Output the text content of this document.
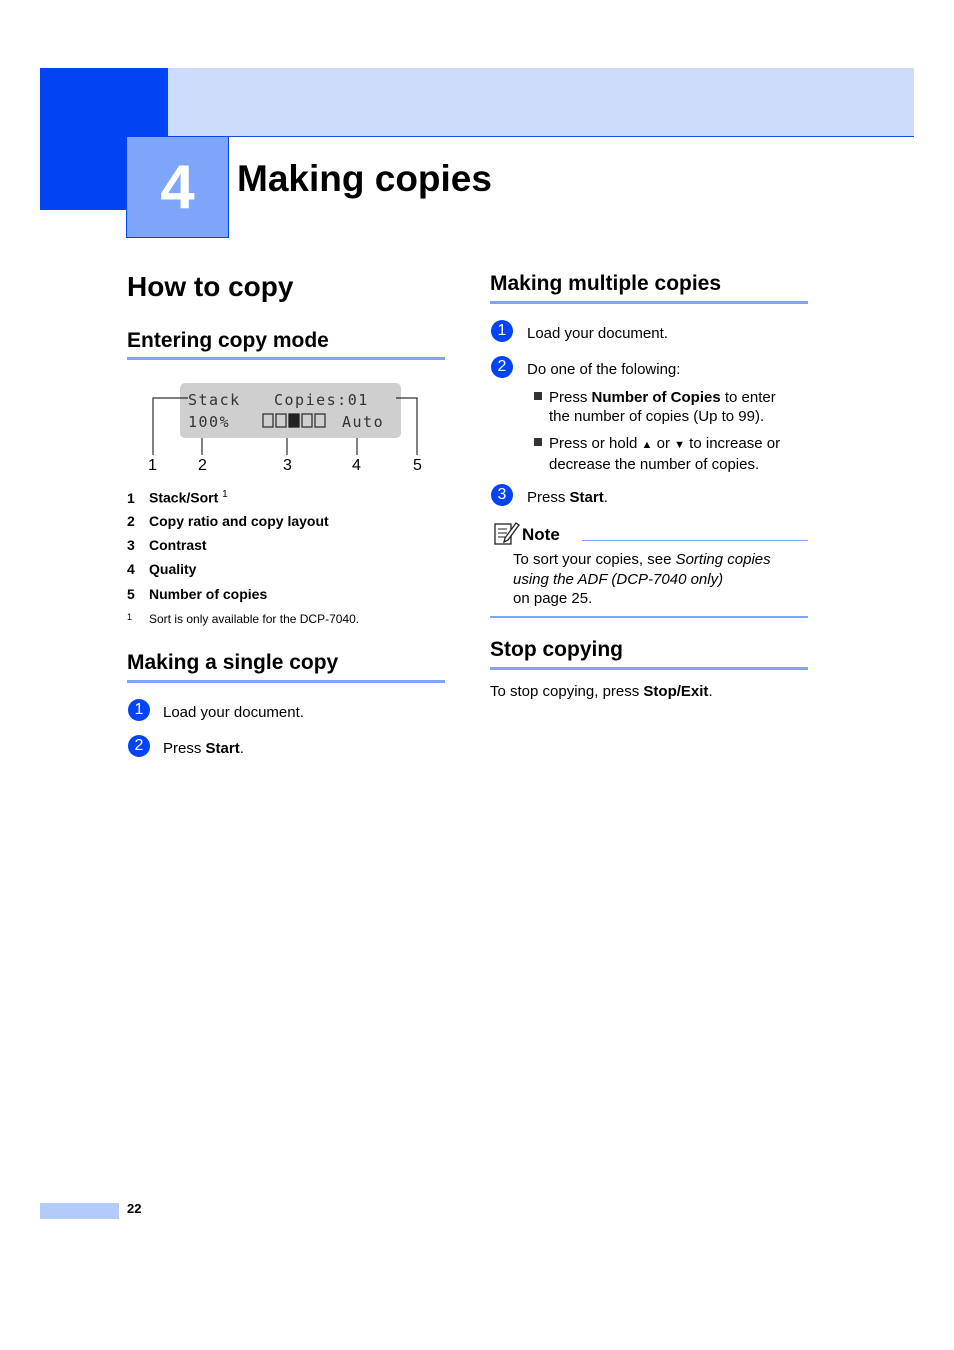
4	Making copies
How to copy
Entering copy mode
Stack Copies:01
100%	Auto
1	2	3	4	5
1 Stack/Sort $^1$
2 Copy ratio and copy layout
3 Contrast
4 Quality
5 Number of copies
$^1$ Sort is only available for the DCP-7040.
Making a single copy
1	Load your document.
2	Press Start.
Making multiple copies
1	Load your document.
2	Do one of the folowing:
Press Number of Copies to enter
the number of copies (Up to 99).
Press or hold ▲ or ▼ to increase or
decrease the number of copies.
3	Press Start.
Note
To sort your copies, see Sorting copies
using the ADF (DCP-7040 only)
on page 25.
Stop copying
To stop copying, press Stop/Exit.
22
